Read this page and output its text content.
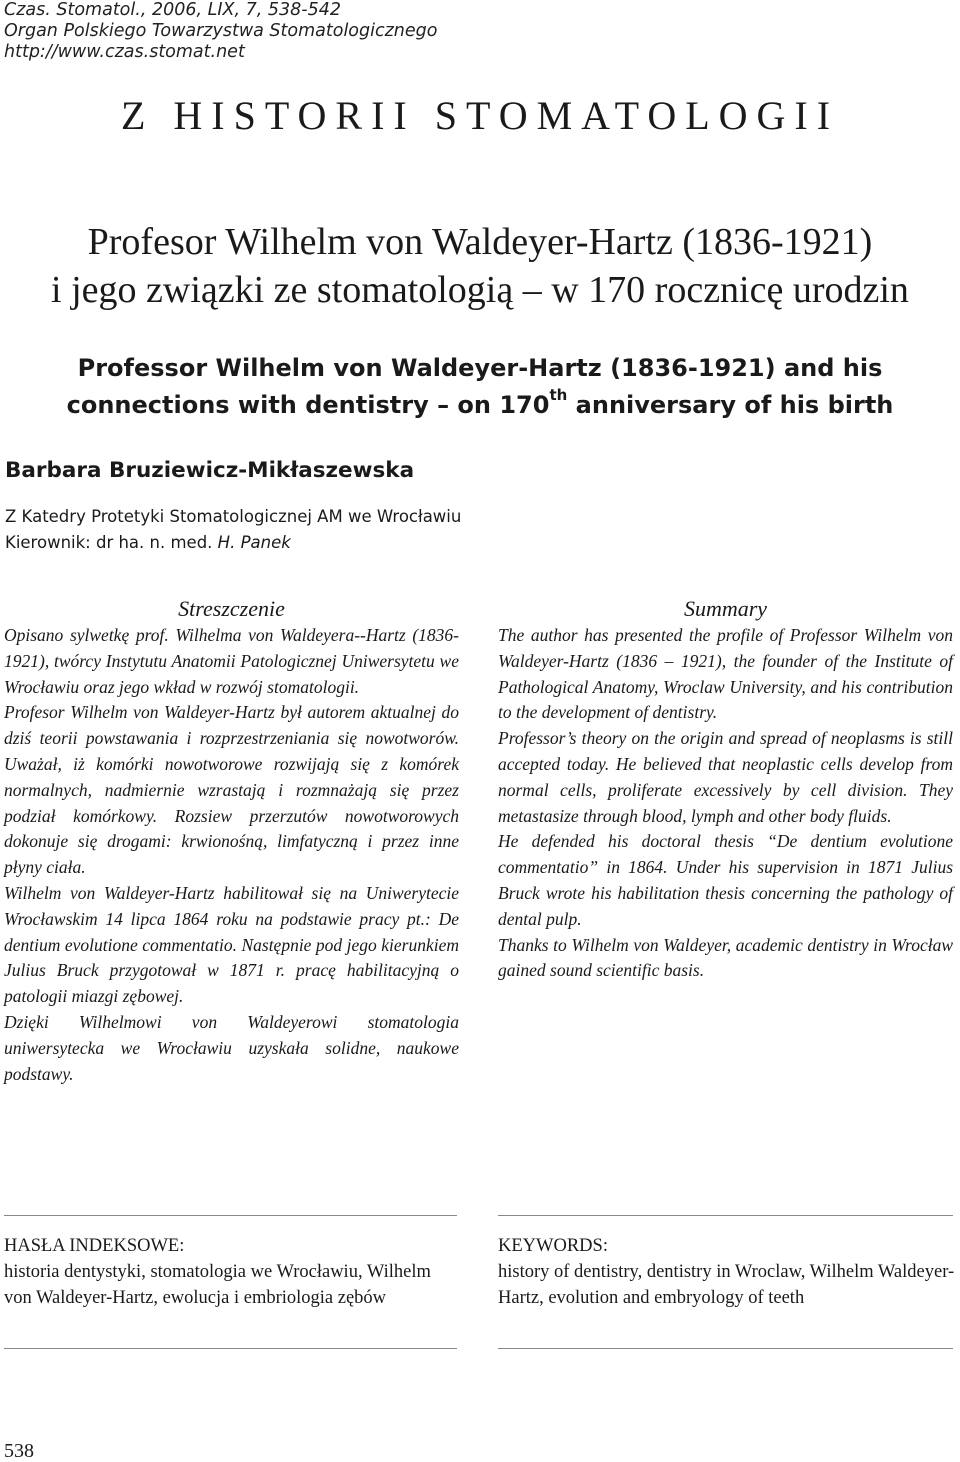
Czas. Stomatol., 2006, LIX, 7, 538-542
Organ Polskiego Towarzystwa Stomatologicznego
http://www.czas.stomat.net
Z HISTORII STOMATOLOGII
Profesor Wilhelm von Waldeyer-Hartz (1836-1921)
i jego związki ze stomatologią – w 170 rocznicę urodzin
Professor Wilhelm von Waldeyer-Hartz (1836-1921) and his
connections with dentistry – on 170th anniversary of his birth
Barbara Bruziewicz-Mikłaszewska
Z Katedry Protetyki Stomatologicznej AM we Wrocławiu
Kierownik: dr ha. n. med. H. Panek
Streszczenie

Opisano sylwetkę prof. Wilhelma von Waldeyera--Hartz (1836-1921), twórcy Instytutu Anatomii Patologicznej Uniwersytetu we Wrocławiu oraz jego wkład w rozwój stomatologii.

Profesor Wilhelm von Waldeyer-Hartz był autorem aktualnej do dziś teorii powstawania i rozprzestrzeniania się nowotworów. Uważał, iż komórki nowotworowe rozwijają się z komórek normalnych, nadmiernie wzrastają i rozmnażają się przez podział komórkowy. Rozsiew przerzutów nowotworowych dokonuje się drogami: krwionośną, limfatyczną i przez inne płyny ciała.

Wilhelm von Waldeyer-Hartz habilitował się na Uniwerytecie Wrocławskim 14 lipca 1864 roku na podstawie pracy pt.: De dentium evolutione commentatio. Następnie pod jego kierunkiem Julius Bruck przygotował w 1871 r. pracę habilitacyjną o patologii miazgi zębowej.

Dzięki Wilhelmowi von Waldeyerowi stomatologia uniwersytecka we Wrocławiu uzyskała solidne, naukowe podstawy.

Summary

The author has presented the profile of Professor Wilhelm von Waldeyer-Hartz (1836 – 1921), the founder of the Institute of Pathological Anatomy, Wroclaw University, and his contribution to the development of dentistry.

Professor’s theory on the origin and spread of neoplasms is still accepted today. He believed that neoplastic cells develop from normal cells, proliferate excessively by cell division. They metastasize through blood, lymph and other body fluids.

He defended his doctoral thesis “De dentium evolutione commentatio” in 1864. Under his supervision in 1871 Julius Bruck wrote his habilitation thesis concerning the pathology of dental pulp.

Thanks to Wilhelm von Waldeyer, academic dentistry in Wrocław gained sound scientific basis.

HASŁA INDEKSOWE:
historia dentystyki, stomatologia we Wrocławiu, Wilhelm von Waldeyer-Hartz, ewolucja i embriologia zębów
KEYWORDS:
history of dentistry, dentistry in Wroclaw, Wilhelm Waldeyer-Hartz, evolution and embryology of teeth
538
